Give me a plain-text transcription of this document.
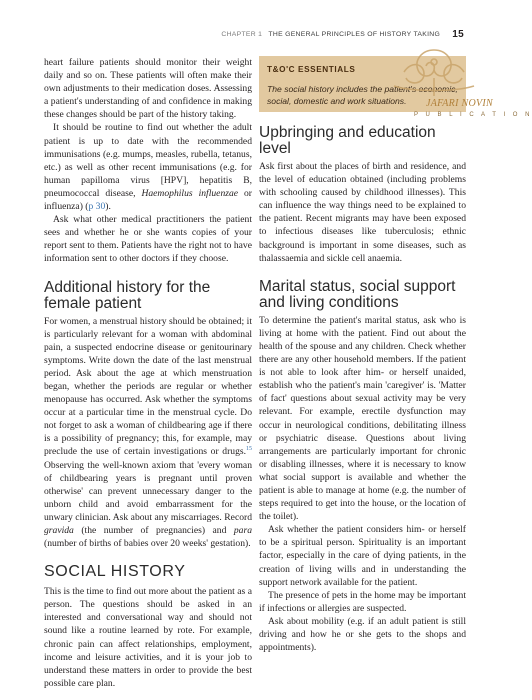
CHAPTER 1 THE GENERAL PRINCIPLES OF HISTORY TAKING 15

heart failure patients should monitor their weight daily and so on. These patients will often make their own adjustments to their medication doses. Assessing a patient's understanding of and confidence in making these changes should be part of the history taking.

It should be routine to find out whether the adult patient is up to date with the recommended immunisations (e.g. mumps, measles, rubella, tetanus, etc.) as well as other recent immunisations (e.g. for human papilloma virus [HPV], hepatitis B, pneumococcal disease, Haemophilus influenzae or influenza) (p 30).

Ask what other medical practitioners the patient sees and whether he or she wants copies of your report sent to them. Patients have the right not to have information sent to other doctors if they choose.

Additional history for the female patient

For women, a menstrual history should be obtained; it is particularly relevant for a woman with abdominal pain, a suspected endocrine disease or genitourinary symptoms. Write down the date of the last menstrual period. Ask about the age at which menstruation began, whether the periods are regular or whether menopause has occurred. Ask whether the symptoms occur at a particular time in the menstrual cycle. Do not forget to ask a woman of childbearing age if there is a possibility of pregnancy; this, for example, may preclude the use of certain investigations or drugs.$^{15}$ Observing the well-known axiom that 'every woman of childbearing years is pregnant until proven otherwise' can prevent unnecessary danger to the unborn child and avoid embarrassment for the unwary clinician. Ask about any miscarriages. Record gravida (the number of pregnancies) and para (number of births of babies over 20 weeks' gestation).

SOCIAL HISTORY

This is the time to find out more about the patient as a person. The questions should be asked in an interested and conversational way and should not sound like a routine learned by rote. For example, chronic pain can affect relationships, employment, income and leisure activities, and it is your job to understand these matters in order to provide the best possible care plan.

T&O'C ESSENTIALS
The social history includes the patient's economic, social, domestic and work situations.
Upbringing and education level

Ask first about the places of birth and residence, and the level of education obtained (including problems with schooling caused by childhood illnesses). This can influence the way things need to be explained to the patient. Recent migrants may have been exposed to infectious diseases like tuberculosis; ethnic background is important in some diseases, such as thalassaemia and sickle cell anaemia.

Marital status, social support and living conditions

To determine the patient's marital status, ask who is living at home with the patient. Find out about the health of the spouse and any children. Check whether there are any other household members. If the patient is not able to look after him- or herself unaided, establish who the patient's main 'caregiver' is. 'Matter of fact' questions about sexual activity may be very relevant. For example, erectile dysfunction may occur in neurological conditions, debilitating illness or psychiatric disease. Questions about living arrangements are particularly important for chronic or disabling illnesses, where it is necessary to know what social support is available and whether the patient is able to manage at home (e.g. the number of steps required to get into the house, or the location of the toilet).

Ask whether the patient considers him- or herself to be a spiritual person. Spirituality is an important factor, especially in the care of dying patients, in the creation of living wills and in understanding the support network available for the patient.

The presence of pets in the home may be important if infections or allergies are suspected.

Ask about mobility (e.g. if an adult patient is still driving and how he or she gets to the shops and appointments).

JAFARI NOVIN
P U B L I C A T I O N
